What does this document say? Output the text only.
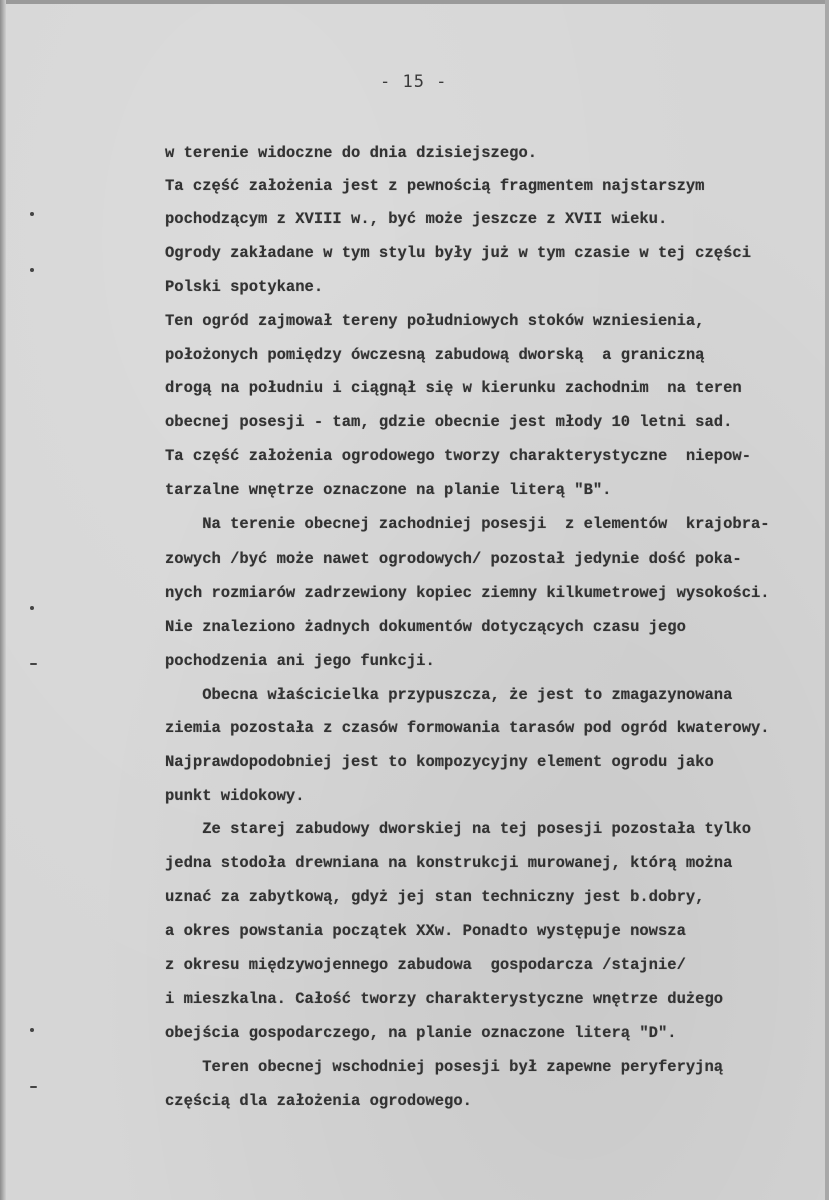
- 15 -
w terenie widoczne do dnia dzisiejszego.
Ta część założenia jest z pewnością fragmentem najstarszym
pochodzącym z XVIII w., być może jeszcze z XVII wieku.
Ogrody zakładane w tym stylu były już w tym czasie w tej części
Polski spotykane.
Ten ogród zajmował tereny południowych stoków wzniesienia,
położonych pomiędzy ówczesną zabudową dworską  a graniczną
drogą na południu i ciągnął się w kierunku zachodnim  na teren
obecnej posesji - tam, gdzie obecnie jest młody 10 letni sad.
Ta część założenia ogrodowego tworzy charakterystyczne  niepow-
tarzalne wnętrze oznaczone na planie literą "B".
Na terenie obecnej zachodniej posesji  z elementów  krajobra-
zowych /być może nawet ogrodowych/ pozostał jedynie dość poka-
nych rozmiarów zadrzewiony kopiec ziemny kilkumetrowej wysokości.
Nie znaleziono żadnych dokumentów dotyczących czasu jego
pochodzenia ani jego funkcji.
Obecna właścicielka przypuszcza, że jest to zmagazynowana
ziemia pozostała z czasów formowania tarasów pod ogród kwaterowy.
Najprawdopodobniej jest to kompozycyjny element ogrodu jako
punkt widokowy.
Ze starej zabudowy dworskiej na tej posesji pozostała tylko
jedna stodoła drewniana na konstrukcji murowanej, którą można
uznać za zabytkową, gdyż jej stan techniczny jest b.dobry,
a okres powstania początek XXw. Ponadto występuje nowsza
z okresu międzywojennego zabudowa  gospodarcza /stajnie/
i mieszkalna. Całość tworzy charakterystyczne wnętrze dużego
obejścia gospodarczego, na planie oznaczone literą "D".
Teren obecnej wschodniej posesji był zapewne peryferyjną
częścią dla założenia ogrodowego.
